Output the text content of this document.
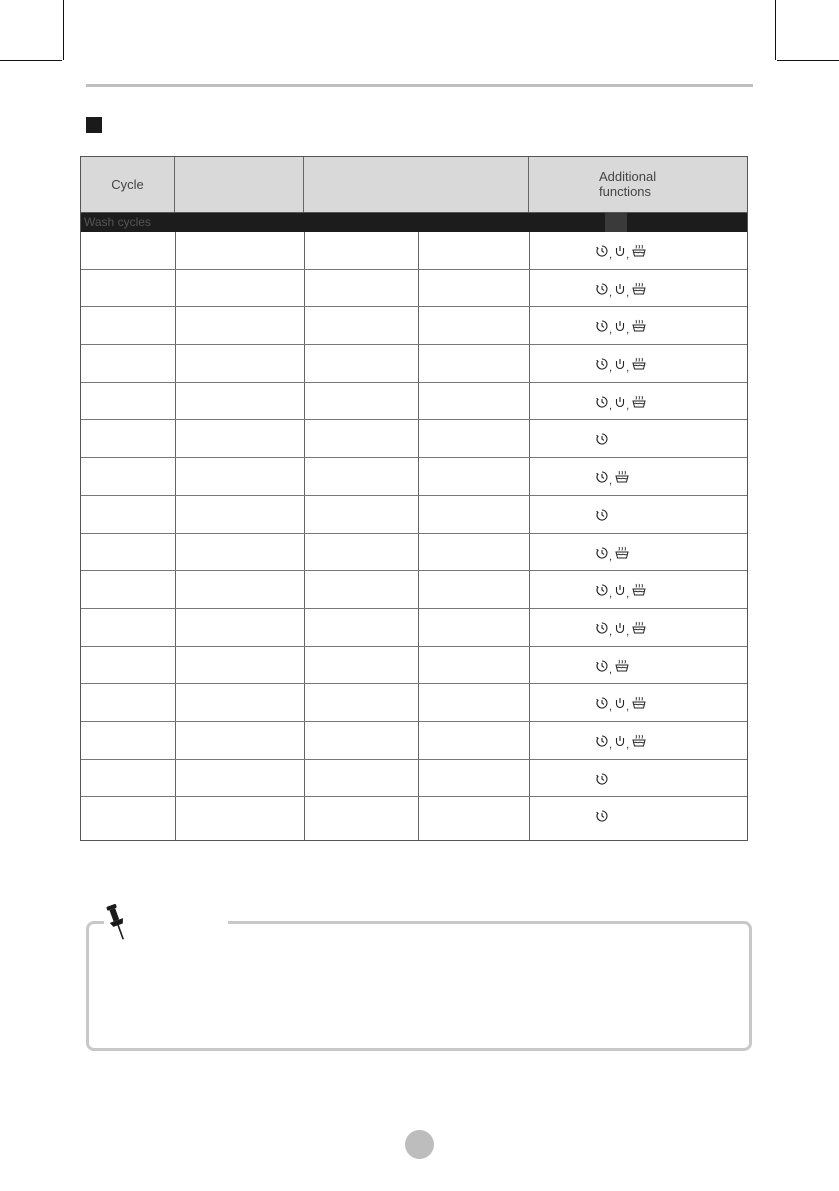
Cycle
Additional
functions
Wash cycles
, ,
, ,
, ,
, ,
, ,
,
,
, ,
, ,
,
, ,
, ,
